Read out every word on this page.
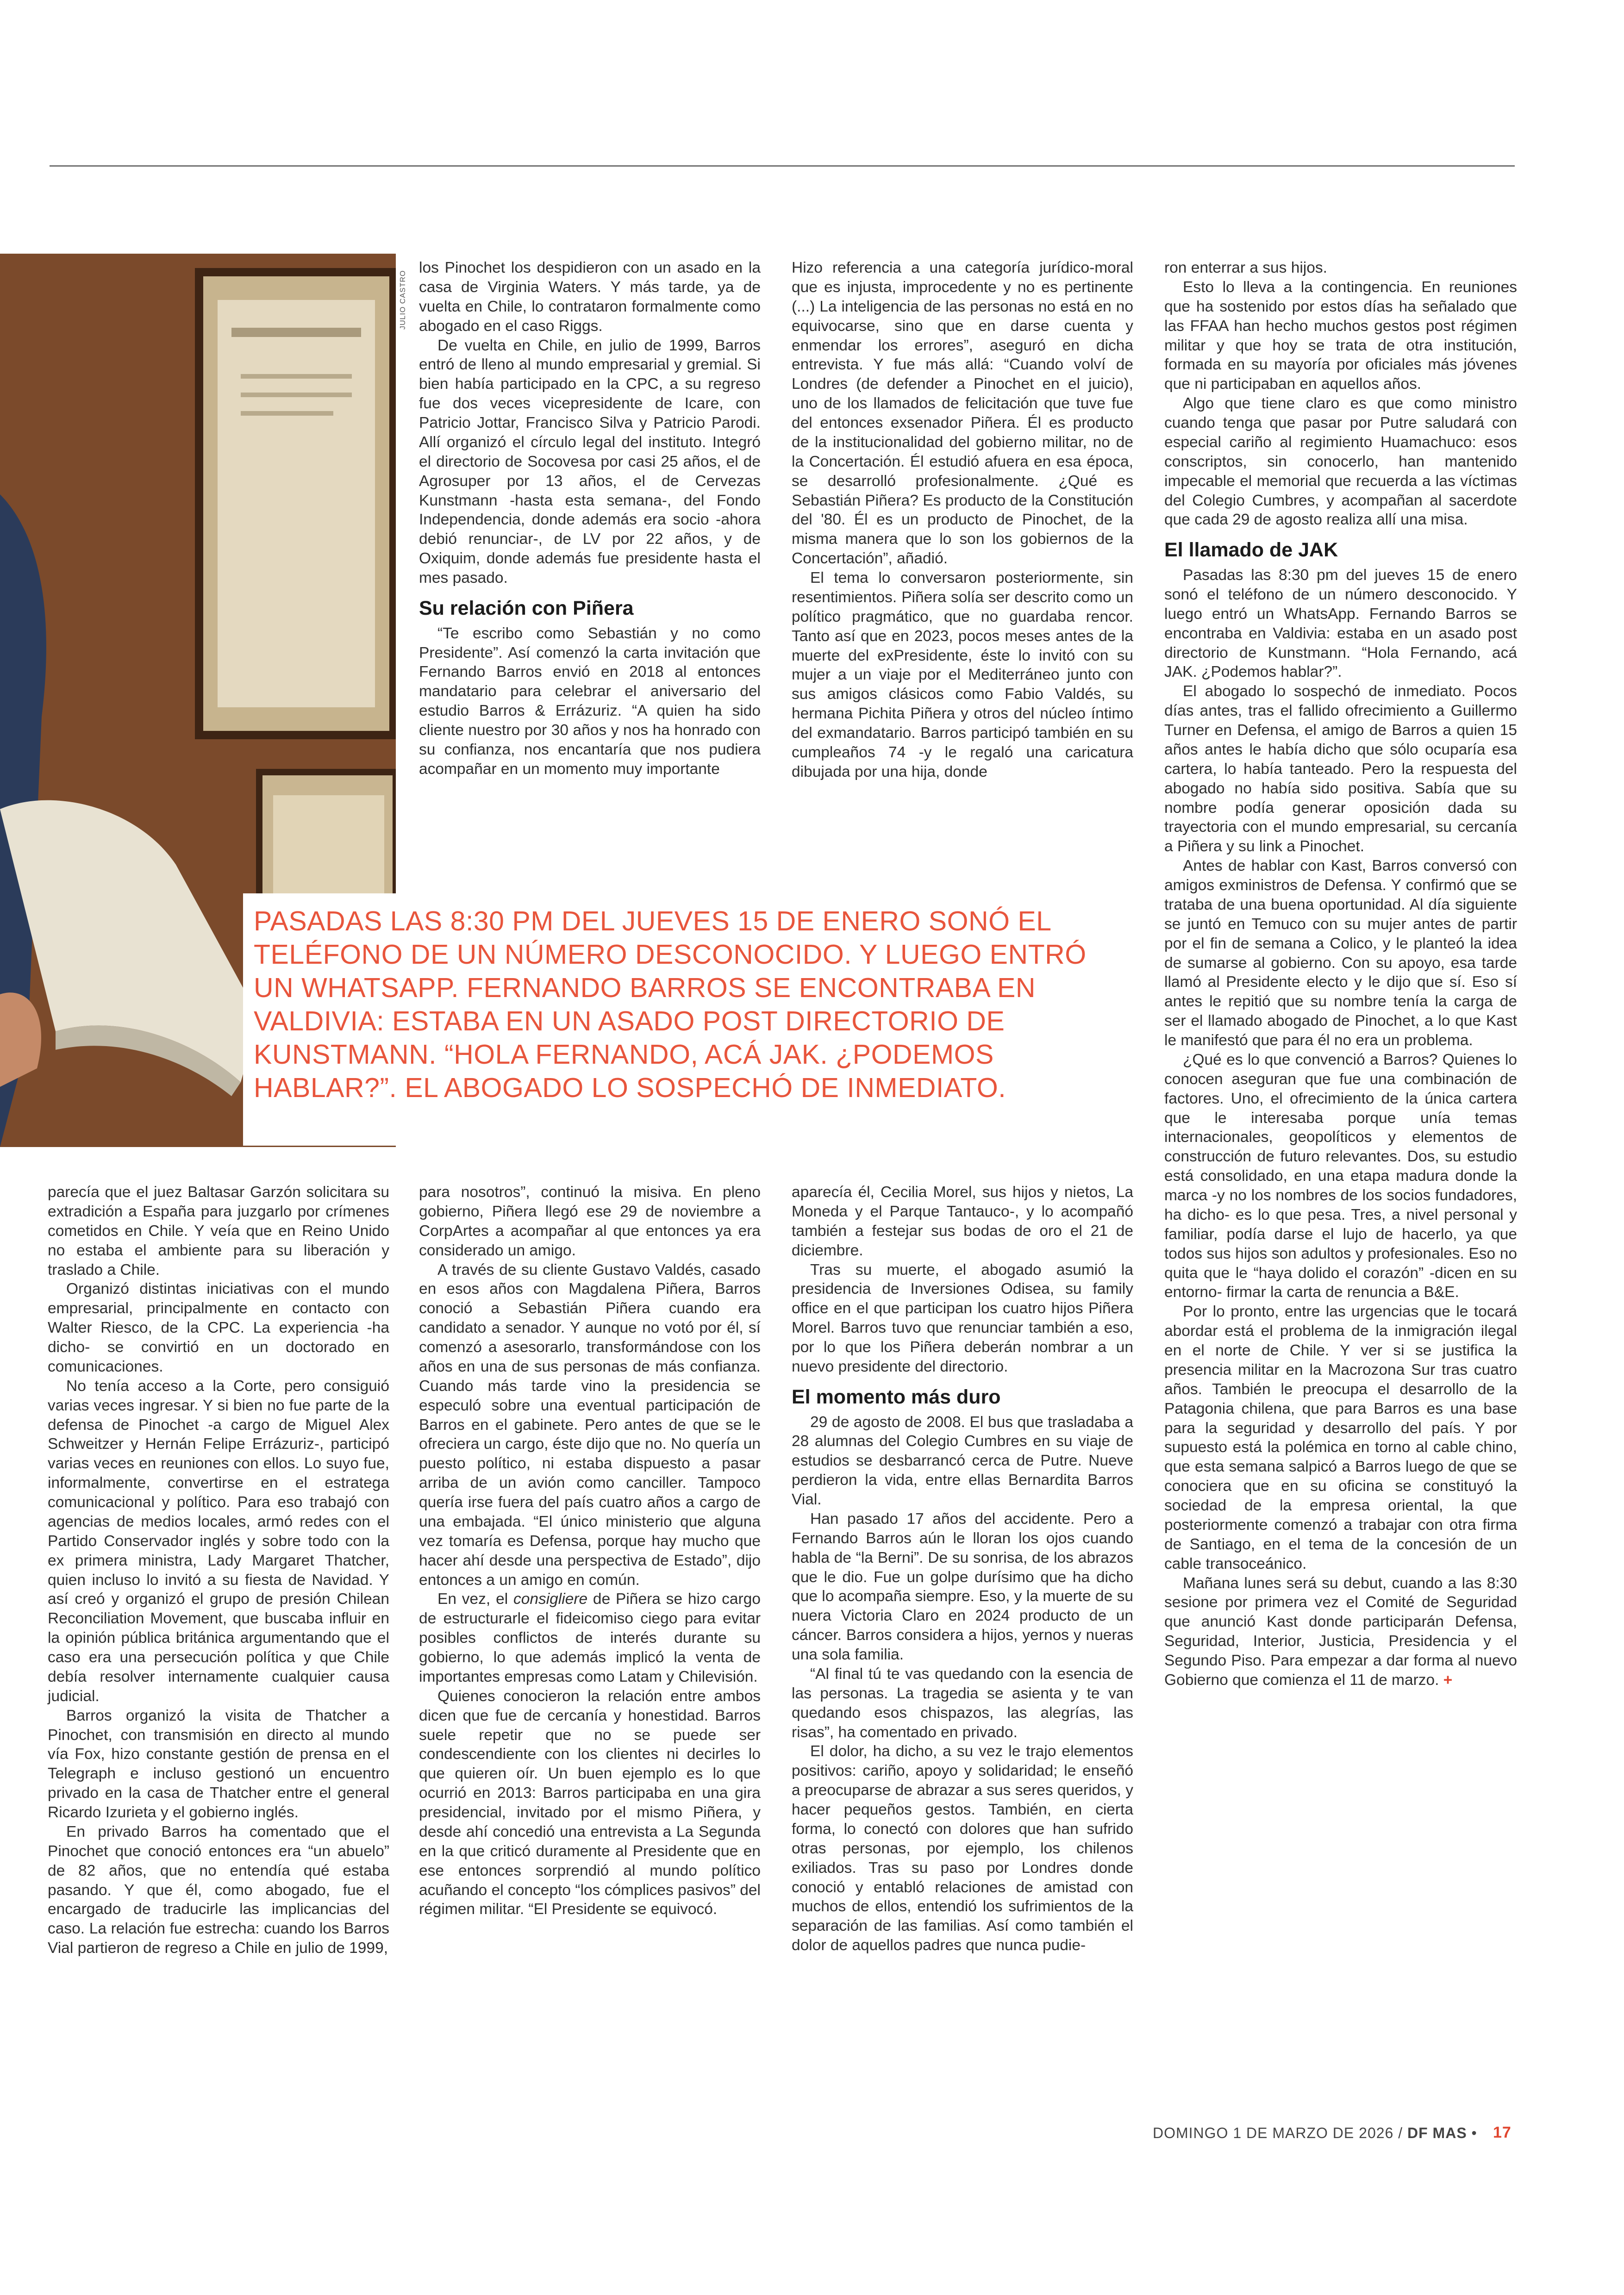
JULIO CASTRO

los Pinochet los despidieron con un asado en la casa de Virginia Waters. Y más tarde, ya de vuelta en Chile, lo contrataron formalmente como abogado en el caso Riggs.

De vuelta en Chile, en julio de 1999, Barros entró de lleno al mundo empresarial y gremial. Si bien había participado en la CPC, a su regreso fue dos veces vicepresidente de Icare, con Patricio Jottar, Francisco Silva y Patricio Parodi. Allí organizó el círculo legal del instituto. Integró el directorio de Socovesa por casi 25 años, el de Agrosuper por 13 años, el de Cervezas Kunstmann -hasta esta semana-, del Fondo Independencia, donde además era socio -ahora debió renunciar-, de LV por 22 años, y de Oxiquim, donde además fue presidente hasta el mes pasado.

Su relación con Piñera

“Te escribo como Sebastián y no como Presidente”. Así comenzó la carta invitación que Fernando Barros envió en 2018 al entonces mandatario para celebrar el aniversario del estudio Barros & Errázuriz. “A quien ha sido cliente nuestro por 30 años y nos ha honrado con su confianza, nos encantaría que nos pudiera acompañar en un momento muy importante

Hizo referencia a una categoría jurídico-moral que es injusta, improcedente y no es pertinente (...) La inteligencia de las personas no está en no equivocarse, sino que en darse cuenta y enmendar los errores”, aseguró en dicha entrevista. Y fue más allá: “Cuando volví de Londres (de defender a Pinochet en el juicio), uno de los llamados de felicitación que tuve fue del entonces exsenador Piñera. Él es producto de la institucionalidad del gobierno militar, no de la Concertación. Él estudió afuera en esa época, se desarrolló profesionalmente. ¿Qué es Sebastián Piñera? Es producto de la Constitución del '80. Él es un producto de Pinochet, de la misma manera que lo son los gobiernos de la Concertación”, añadió.

El tema lo conversaron posteriormente, sin resentimientos. Piñera solía ser descrito como un político pragmático, que no guardaba rencor. Tanto así que en 2023, pocos meses antes de la muerte del exPresidente, éste lo invitó con su mujer a un viaje por el Mediterráneo junto con sus amigos clásicos como Fabio Valdés, su hermana Pichita Piñera y otros del núcleo íntimo del exmandatario. Barros participó también en su cumpleaños 74 -y le regaló una caricatura dibujada por una hija, donde

PASADAS LAS 8:30 PM DEL JUEVES 15 DE ENERO SONÓ EL TELÉFONO DE UN NÚMERO DESCONOCIDO. Y LUEGO ENTRÓ UN WHATSAPP. FERNANDO BARROS SE ENCONTRABA EN VALDIVIA: ESTABA EN UN ASADO POST DIRECTORIO DE KUNSTMANN. “HOLA FERNANDO, ACÁ JAK. ¿PODEMOS HABLAR?”. EL ABOGADO LO SOSPECHÓ DE INMEDIATO.

ron enterrar a sus hijos.

Esto lo lleva a la contingencia. En reuniones que ha sostenido por estos días ha señalado que las FFAA han hecho muchos gestos post régimen militar y que hoy se trata de otra institución, formada en su mayoría por oficiales más jóvenes que ni participaban en aquellos años.

Algo que tiene claro es que como ministro cuando tenga que pasar por Putre saludará con especial cariño al regimiento Huamachuco: esos conscriptos, sin conocerlo, han mantenido impecable el memorial que recuerda a las víctimas del Colegio Cumbres, y acompañan al sacerdote que cada 29 de agosto realiza allí una misa.

El llamado de JAK

Pasadas las 8:30 pm del jueves 15 de enero sonó el teléfono de un número desconocido. Y luego entró un WhatsApp. Fernando Barros se encontraba en Valdivia: estaba en un asado post directorio de Kunstmann. “Hola Fernando, acá JAK. ¿Podemos hablar?”.

El abogado lo sospechó de inmediato. Pocos días antes, tras el fallido ofrecimiento a Guillermo Turner en Defensa, el amigo de Barros a quien 15 años antes le había dicho que sólo ocuparía esa cartera, lo había tanteado. Pero la respuesta del abogado no había sido positiva. Sabía que su nombre podía generar oposición dada su trayectoria con el mundo empresarial, su cercanía a Piñera y su link a Pinochet.

Antes de hablar con Kast, Barros conversó con amigos exministros de Defensa. Y confirmó que se trataba de una buena oportunidad. Al día siguiente se juntó en Temuco con su mujer antes de partir por el fin de semana a Colico, y le planteó la idea de sumarse al gobierno. Con su apoyo, esa tarde llamó al Presidente electo y le dijo que sí. Eso sí antes le repitió que su nombre tenía la carga de ser el llamado abogado de Pinochet, a lo que Kast le manifestó que para él no era un problema.

¿Qué es lo que convenció a Barros? Quienes lo conocen aseguran que fue una combinación de factores. Uno, el ofrecimiento de la única cartera que le interesaba porque unía temas internacionales, geopolíticos y elementos de construcción de futuro relevantes. Dos, su estudio está consolidado, en una etapa madura donde la marca -y no los nombres de los socios fundadores, ha dicho- es lo que pesa. Tres, a nivel personal y familiar, podía darse el lujo de hacerlo, ya que todos sus hijos son adultos y profesionales. Eso no quita que le “haya dolido el corazón” -dicen en su entorno- firmar la carta de renuncia a B&E.

Por lo pronto, entre las urgencias que le tocará abordar está el problema de la inmigración ilegal en el norte de Chile. Y ver si se justifica la presencia militar en la Macrozona Sur tras cuatro años. También le preocupa el desarrollo de la Patagonia chilena, que para Barros es una base para la seguridad y desarrollo del país. Y por supuesto está la polémica en torno al cable chino, que esta semana salpicó a Barros luego de que se conociera que en su oficina se constituyó la sociedad de la empresa oriental, la que posteriormente comenzó a trabajar con otra firma de Santiago, en el tema de la concesión de un cable transoceánico.

Mañana lunes será su debut, cuando a las 8:30 sesione por primera vez el Comité de Seguridad que anunció Kast donde participarán Defensa, Seguridad, Interior, Justicia, Presidencia y el Segundo Piso. Para empezar a dar forma al nuevo Gobierno que comienza el 11 de marzo. +

parecía que el juez Baltasar Garzón solicitara su extradición a España para juzgarlo por crímenes cometidos en Chile. Y veía que en Reino Unido no estaba el ambiente para su liberación y traslado a Chile.

Organizó distintas iniciativas con el mundo empresarial, principalmente en contacto con Walter Riesco, de la CPC. La experiencia -ha dicho- se convirtió en un doctorado en comunicaciones.

No tenía acceso a la Corte, pero consiguió varias veces ingresar. Y si bien no fue parte de la defensa de Pinochet -a cargo de Miguel Alex Schweitzer y Hernán Felipe Errázuriz-, participó varias veces en reuniones con ellos. Lo suyo fue, informalmente, convertirse en el estratega comunicacional y político. Para eso trabajó con agencias de medios locales, armó redes con el Partido Conservador inglés y sobre todo con la ex primera ministra, Lady Margaret Thatcher, quien incluso lo invitó a su fiesta de Navidad. Y así creó y organizó el grupo de presión Chilean Reconciliation Movement, que buscaba influir en la opinión pública británica argumentando que el caso era una persecución política y que Chile debía resolver internamente cualquier causa judicial.

Barros organizó la visita de Thatcher a Pinochet, con transmisión en directo al mundo vía Fox, hizo constante gestión de prensa en el Telegraph e incluso gestionó un encuentro privado en la casa de Thatcher entre el general Ricardo Izurieta y el gobierno inglés.

En privado Barros ha comentado que el Pinochet que conoció entonces era “un abuelo” de 82 años, que no entendía qué estaba pasando. Y que él, como abogado, fue el encargado de traducirle las implicancias del caso. La relación fue estrecha: cuando los Barros Vial partieron de regreso a Chile en julio de 1999,

para nosotros”, continuó la misiva. En pleno gobierno, Piñera llegó ese 29 de noviembre a CorpArtes a acompañar al que entonces ya era considerado un amigo.

A través de su cliente Gustavo Valdés, casado en esos años con Magdalena Piñera, Barros conoció a Sebastián Piñera cuando era candidato a senador. Y aunque no votó por él, sí comenzó a asesorarlo, transformándose con los años en una de sus personas de más confianza. Cuando más tarde vino la presidencia se especuló sobre una eventual participación de Barros en el gabinete. Pero antes de que se le ofreciera un cargo, éste dijo que no. No quería un puesto político, ni estaba dispuesto a pasar arriba de un avión como canciller. Tampoco quería irse fuera del país cuatro años a cargo de una embajada. “El único ministerio que alguna vez tomaría es Defensa, porque hay mucho que hacer ahí desde una perspectiva de Estado”, dijo entonces a un amigo en común.

En vez, el consigliere de Piñera se hizo cargo de estructurarle el fideicomiso ciego para evitar posibles conflictos de interés durante su gobierno, lo que además implicó la venta de importantes empresas como Latam y Chilevisión.

Quienes conocieron la relación entre ambos dicen que fue de cercanía y honestidad. Barros suele repetir que no se puede ser condescendiente con los clientes ni decirles lo que quieren oír. Un buen ejemplo es lo que ocurrió en 2013: Barros participaba en una gira presidencial, invitado por el mismo Piñera, y desde ahí concedió una entrevista a La Segunda en la que criticó duramente al Presidente que en ese entonces sorprendió al mundo político acuñando el concepto “los cómplices pasivos” del régimen militar. “El Presidente se equivocó.

aparecía él, Cecilia Morel, sus hijos y nietos, La Moneda y el Parque Tantauco-, y lo acompañó también a festejar sus bodas de oro el 21 de diciembre.

Tras su muerte, el abogado asumió la presidencia de Inversiones Odisea, su family office en el que participan los cuatro hijos Piñera Morel. Barros tuvo que renunciar también a eso, por lo que los Piñera deberán nombrar a un nuevo presidente del directorio.

El momento más duro

29 de agosto de 2008. El bus que trasladaba a 28 alumnas del Colegio Cumbres en su viaje de estudios se desbarrancó cerca de Putre. Nueve perdieron la vida, entre ellas Bernardita Barros Vial.

Han pasado 17 años del accidente. Pero a Fernando Barros aún le lloran los ojos cuando habla de “la Berni”. De su sonrisa, de los abrazos que le dio. Fue un golpe durísimo que ha dicho que lo acompaña siempre. Eso, y la muerte de su nuera Victoria Claro en 2024 producto de un cáncer. Barros considera a hijos, yernos y nueras una sola familia.

“Al final tú te vas quedando con la esencia de las personas. La tragedia se asienta y te van quedando esos chispazos, las alegrías, las risas”, ha comentado en privado.

El dolor, ha dicho, a su vez le trajo elementos positivos: cariño, apoyo y solidaridad; le enseñó a preocuparse de abrazar a sus seres queridos, y hacer pequeños gestos. También, en cierta forma, lo conectó con dolores que han sufrido otras personas, por ejemplo, los chilenos exiliados. Tras su paso por Londres donde conoció y entabló relaciones de amistad con muchos de ellos, entendió los sufrimientos de la separación de las familias. Así como también el dolor de aquellos padres que nunca pudie-

DOMINGO 1 DE MARZO DE 2026 / DF MAS • 17
